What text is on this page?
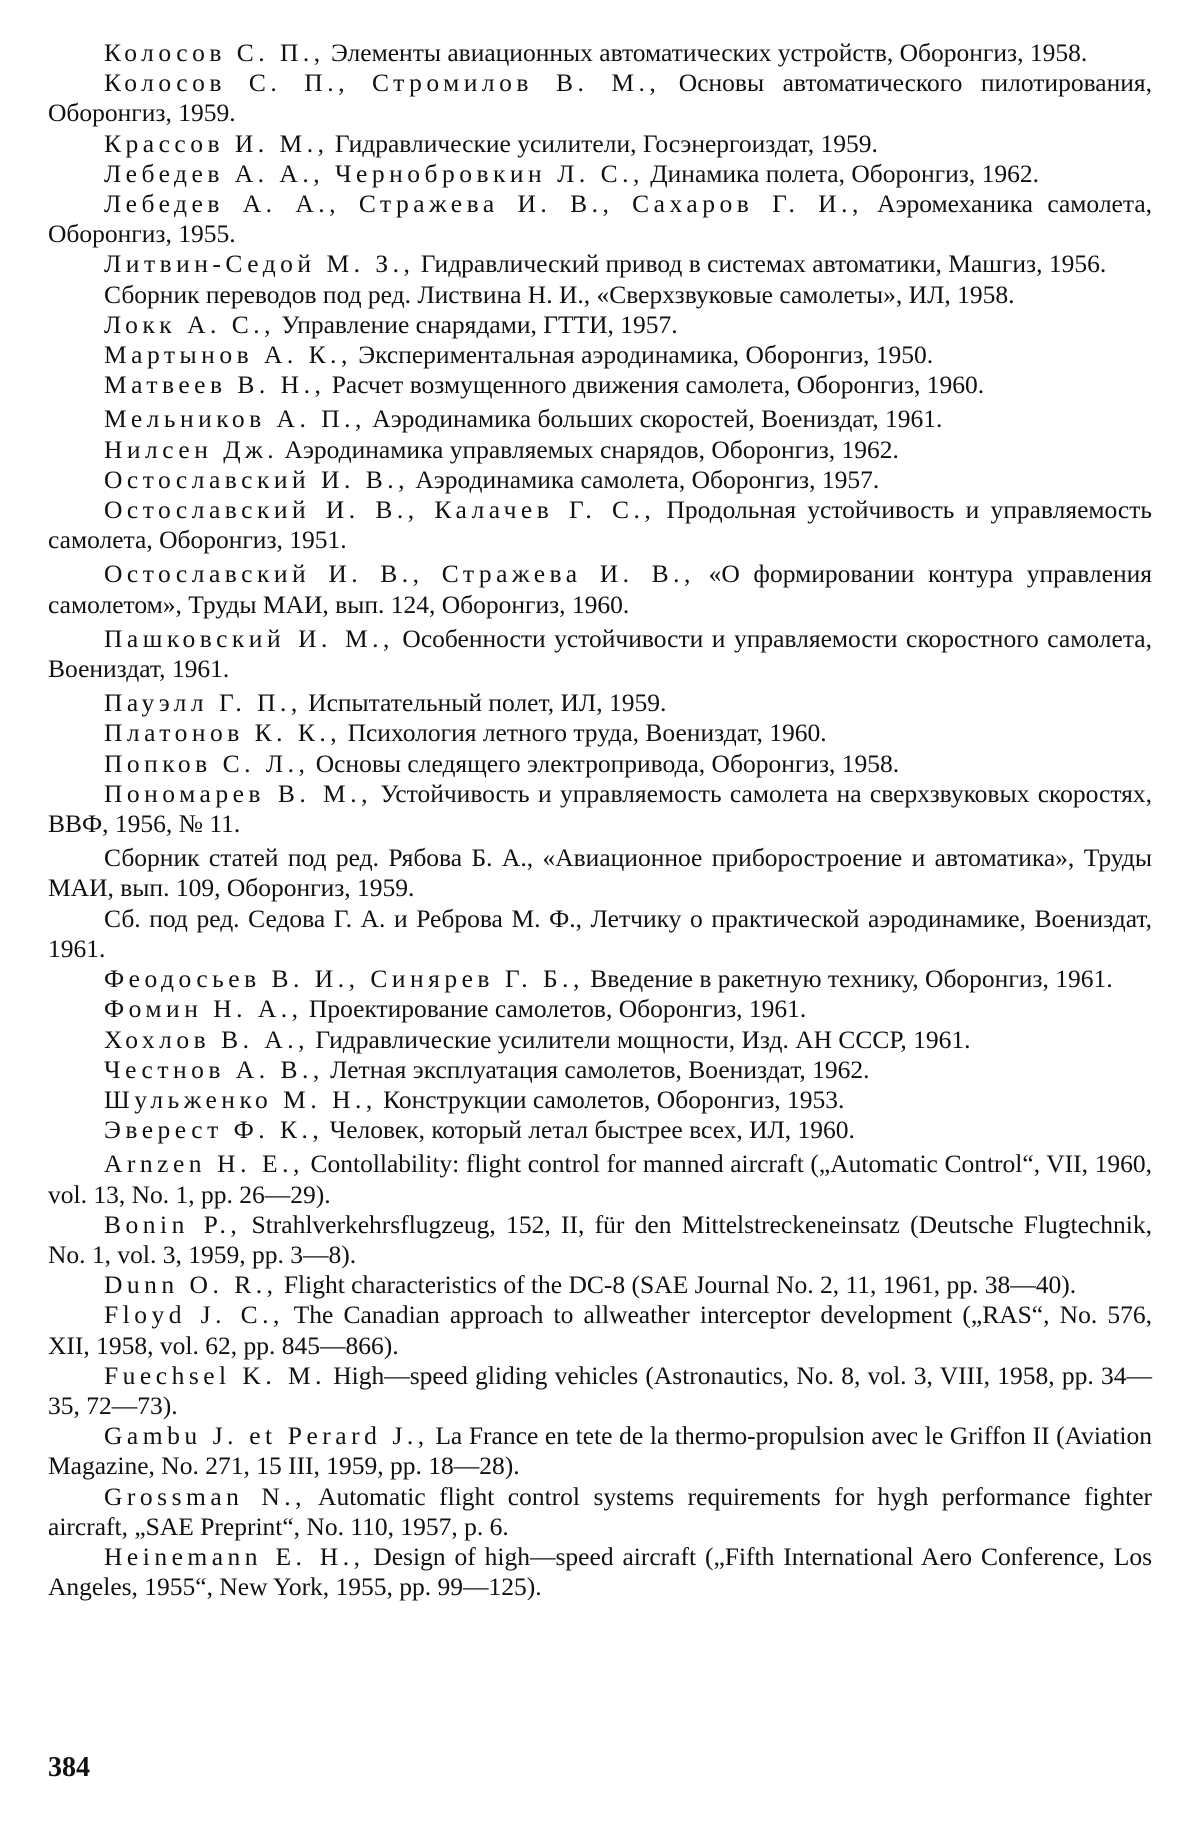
Колосов С. П., Элементы авиационных автоматических устройств, Оборонгиз, 1958.
Колосов С. П., Стромилов В. М., Основы автоматического пилотирования, Оборонгиз, 1959.
Крассов И. М., Гидравлические усилители, Госэнергоиздат, 1959.
Лебедев А. А., Чернобровкин Л. С., Динамика полета, Оборонгиз, 1962.
Лебедев А. А., Стражева И. В., Сахаров Г. И., Аэромеханика самолета, Оборонгиз, 1955.
Литвин-Седой М. З., Гидравлический привод в системах автоматики, Машгиз, 1956.
Сборник переводов под ред. Листвина Н. И., «Сверхзвуковые самолеты», ИЛ, 1958.
Локк А. С., Управление снарядами, ГТТИ, 1957.
Мартынов А. К., Экспериментальная аэродинамика, Оборонгиз, 1950.
Матвеев В. Н., Расчет возмущенного движения самолета, Оборонгиз, 1960.
Мельников А. П., Аэродинамика больших скоростей, Воениздат, 1961.
Нилсен Дж. Аэродинамика управляемых снарядов, Оборонгиз, 1962.
Остославский И. В., Аэродинамика самолета, Оборонгиз, 1957.
Остославский И. В., Калачев Г. С., Продольная устойчивость и управляемость самолета, Оборонгиз, 1951.
Остославский И. В., Стражева И. В., «О формировании контура управления самолетом», Труды МАИ, вып. 124, Оборонгиз, 1960.
Пашковский И. М., Особенности устойчивости и управляемости скоростного самолета, Воениздат, 1961.
Пауэлл Г. П., Испытательный полет, ИЛ, 1959.
Платонов К. К., Психология летного труда, Воениздат, 1960.
Попков С. Л., Основы следящего электропривода, Оборонгиз, 1958.
Пономарев В. М., Устойчивость и управляемость самолета на сверхзвуковых скоростях, ВВФ, 1956, № 11.
Сборник статей под ред. Рябова Б. А., «Авиационное приборостроение и автоматика», Труды МАИ, вып. 109, Оборонгиз, 1959.
Сб. под ред. Седова Г. А. и Реброва М. Ф., Летчику о практической аэродинамике, Воениздат, 1961.
Феодосьев В. И., Синярев Г. Б., Введение в ракетную технику, Оборонгиз, 1961.
Фомин Н. А., Проектирование самолетов, Оборонгиз, 1961.
Хохлов В. А., Гидравлические усилители мощности, Изд. АН СССР, 1961.
Честнов А. В., Летная эксплуатация самолетов, Воениздат, 1962.
Шульженко М. Н., Конструкции самолетов, Оборонгиз, 1953.
Эверест Ф. К., Человек, который летал быстрее всех, ИЛ, 1960.
Arnzen H. E., Contollability: flight control for manned aircraft („Automatic Control“, VII, 1960, vol. 13, No. 1, pp. 26—29).
Bonin P., Strahlverkehrsflugzeug, 152, II, für den Mittelstreckeneinsatz (Deutsche Flugtechnik, No. 1, vol. 3, 1959, pp. 3—8).
Dunn O. R., Flight characteristics of the DC-8 (SAE Journal No. 2, 11, 1961, pp. 38—40).
Floyd J. C., The Canadian approach to allweather interceptor development („RAS“, No. 576, XII, 1958, vol. 62, pp. 845—866).
Fuechsel K. M. High—speed gliding vehicles (Astronautics, No. 8, vol. 3, VIII, 1958, pp. 34—35, 72—73).
Gambu J. et Perard J., La France en tete de la thermo-propulsion avec le Griffon II (Aviation Magazine, No. 271, 15 III, 1959, pp. 18—28).
Grossman N., Automatic flight control systems requirements for hygh performance fighter aircraft, „SAE Preprint“, No. 110, 1957, p. 6.
Heinemann E. H., Design of high—speed aircraft („Fifth International Aero Conference, Los Angeles, 1955“, New York, 1955, pp. 99—125).
384
